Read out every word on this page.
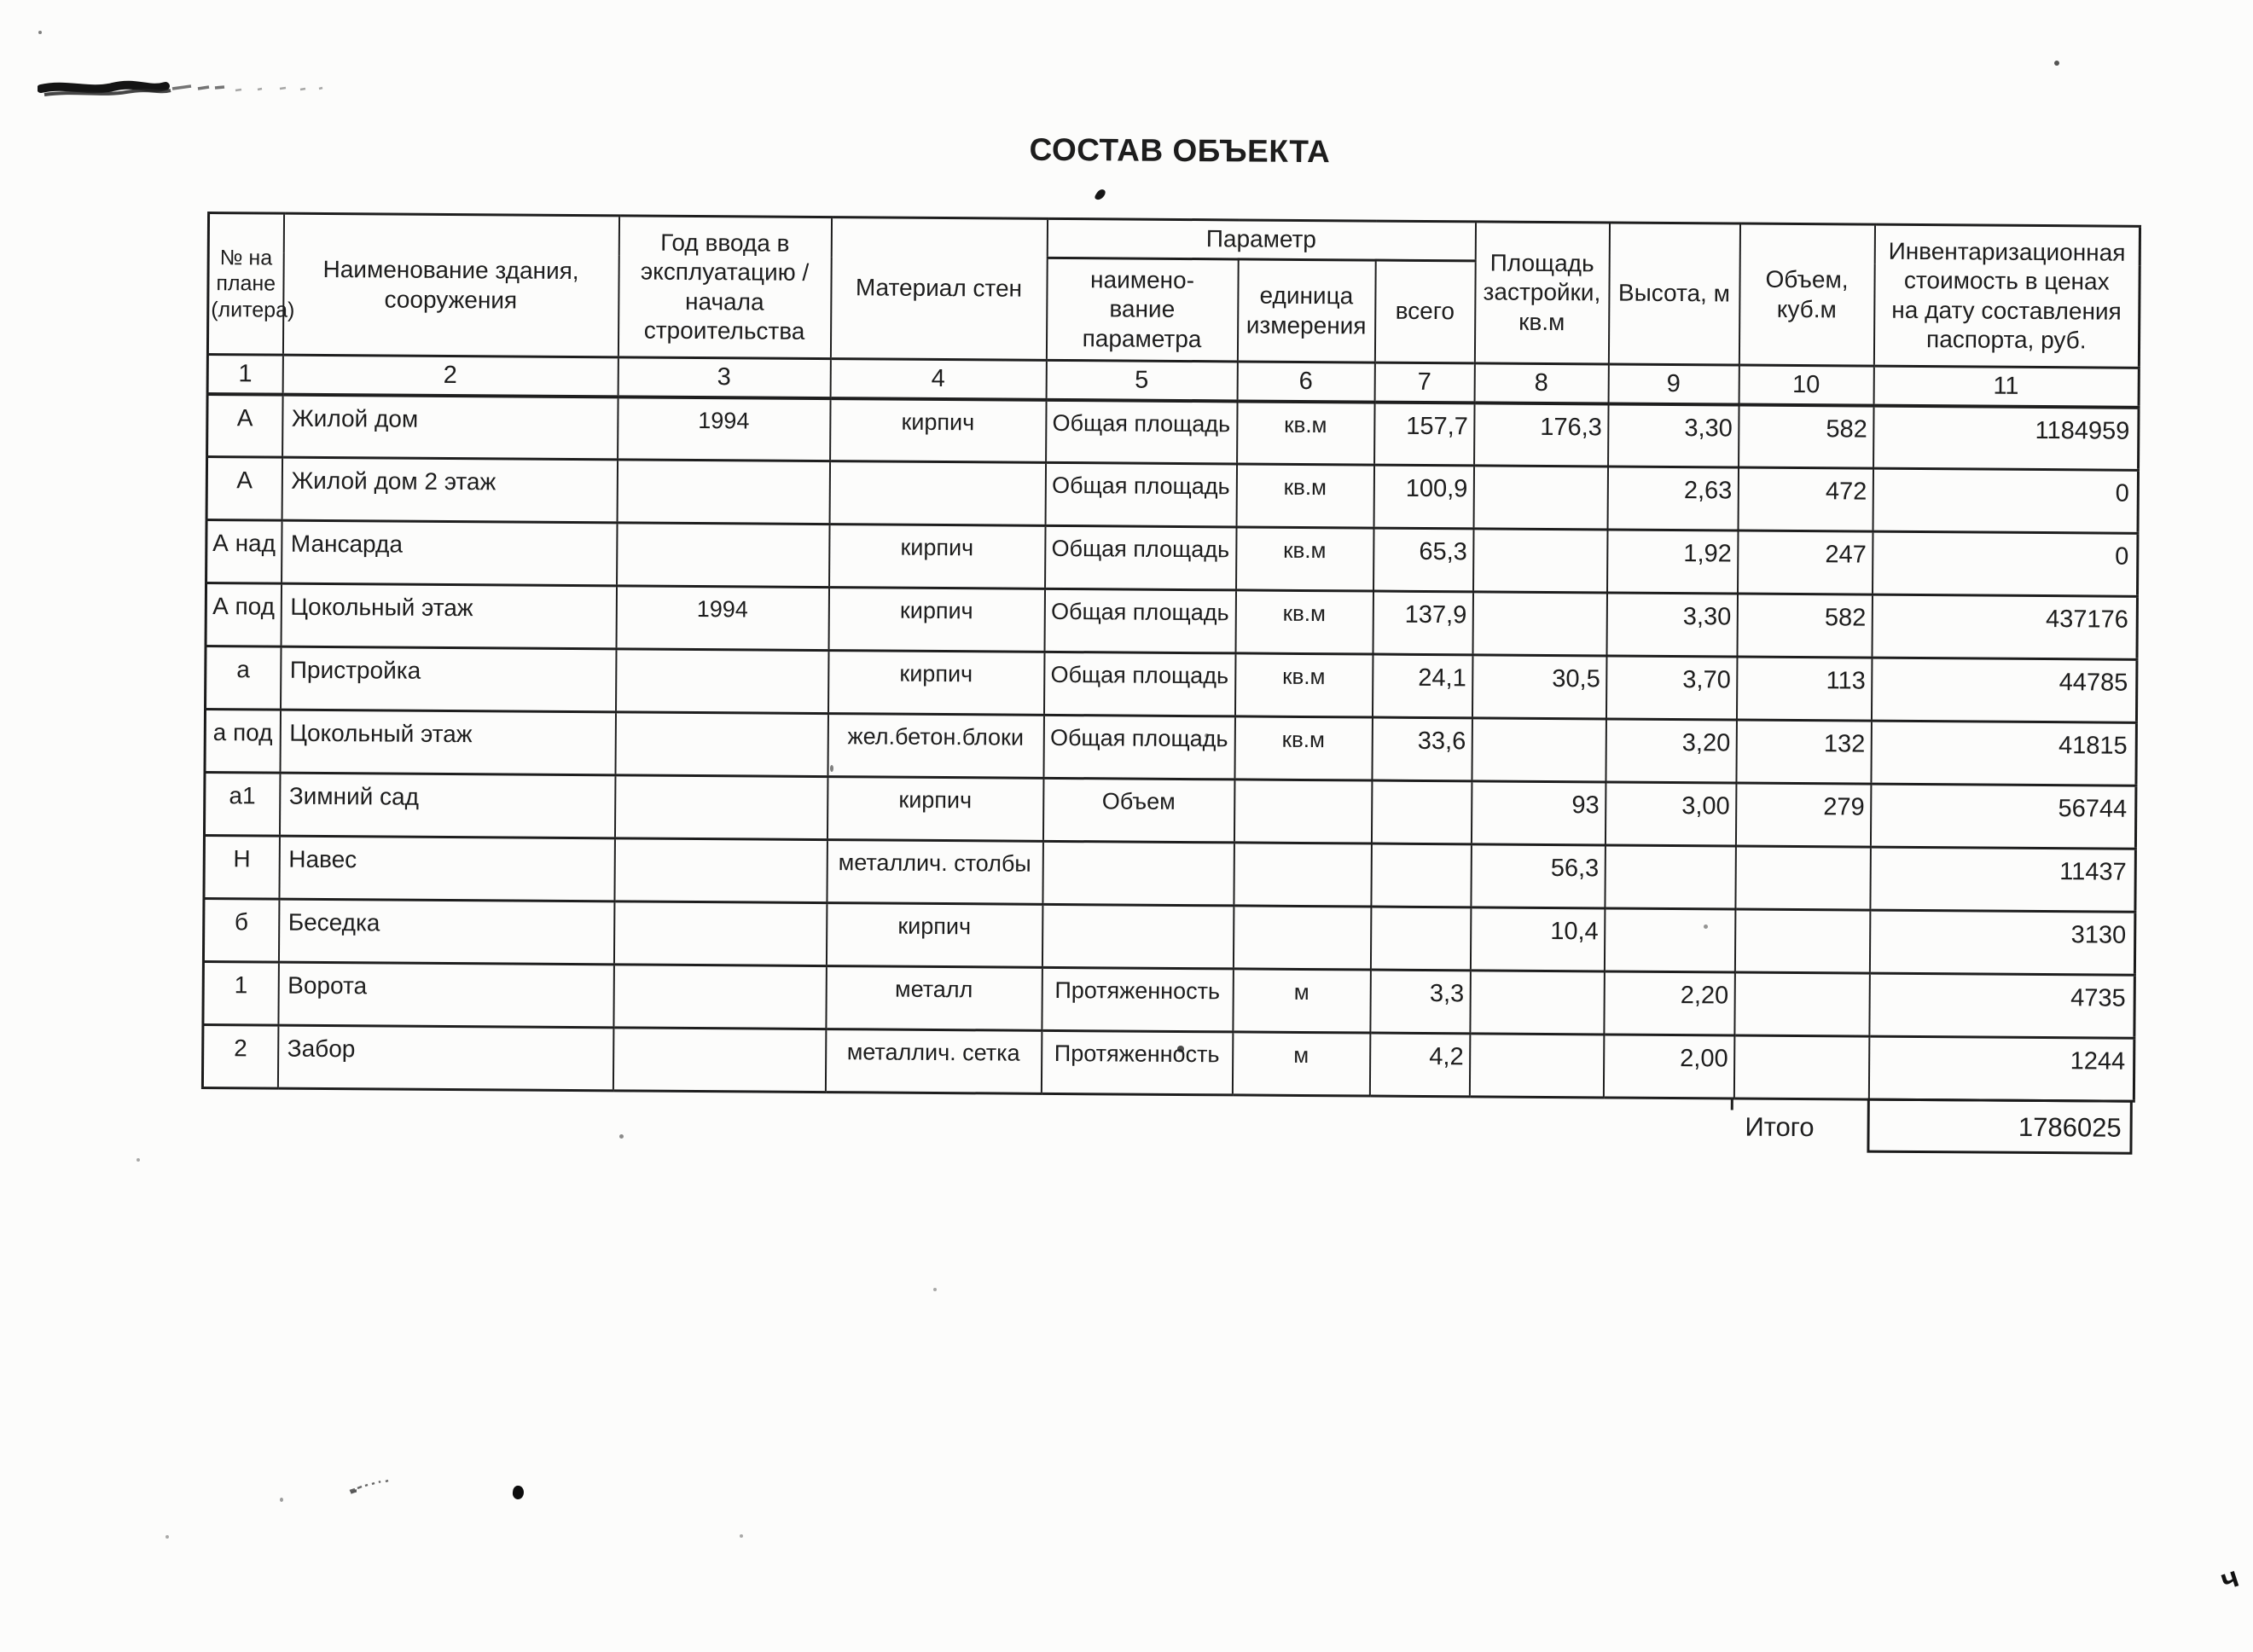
ч
СОСТАВ ОБЪЕКТА
№ на
плане
(литера)	Наименование здания,
сооружения	Год ввода в
эксплуатацию /
начала
строительства	Материал стен	Параметр			Площадь
застройки,
кв.м	Высота, м	Объем,
куб.м	Инвентаризационная
стоимость в ценах
на дату составления
паспорта, руб.
				наимено-
вание
параметра	единица
измерения	всего				
1	2	3	4	5	6	7	8	9	10	11
А	Жилой дом	1994	кирпич	Общая площадь	кв.м	157,7	176,3	3,30	582	1184959
А	Жилой дом 2 этаж			Общая площадь	кв.м	100,9		2,63	472	0
А над	Мансарда		кирпич	Общая площадь	кв.м	65,3		1,92	247	0
А под	Цокольный этаж	1994	кирпич	Общая площадь	кв.м	137,9		3,30	582	437176
а	Пристройка		кирпич	Общая площадь	кв.м	24,1	30,5	3,70	113	44785
а под	Цокольный этаж		жел.бетон.блоки	Общая площадь	кв.м	33,6		3,20	132	41815
а1	Зимний сад		кирпич	Объем			93	3,00	279	56744
Н	Навес		металлич. столбы				56,3			11437
б	Беседка		кирпич				10,4			3130
1	Ворота		металл	Протяженность	м	3,3		2,20		4735
2	Забор		металлич. сетка	Протяженность	м	4,2		2,00		1244
Итого	1786025
